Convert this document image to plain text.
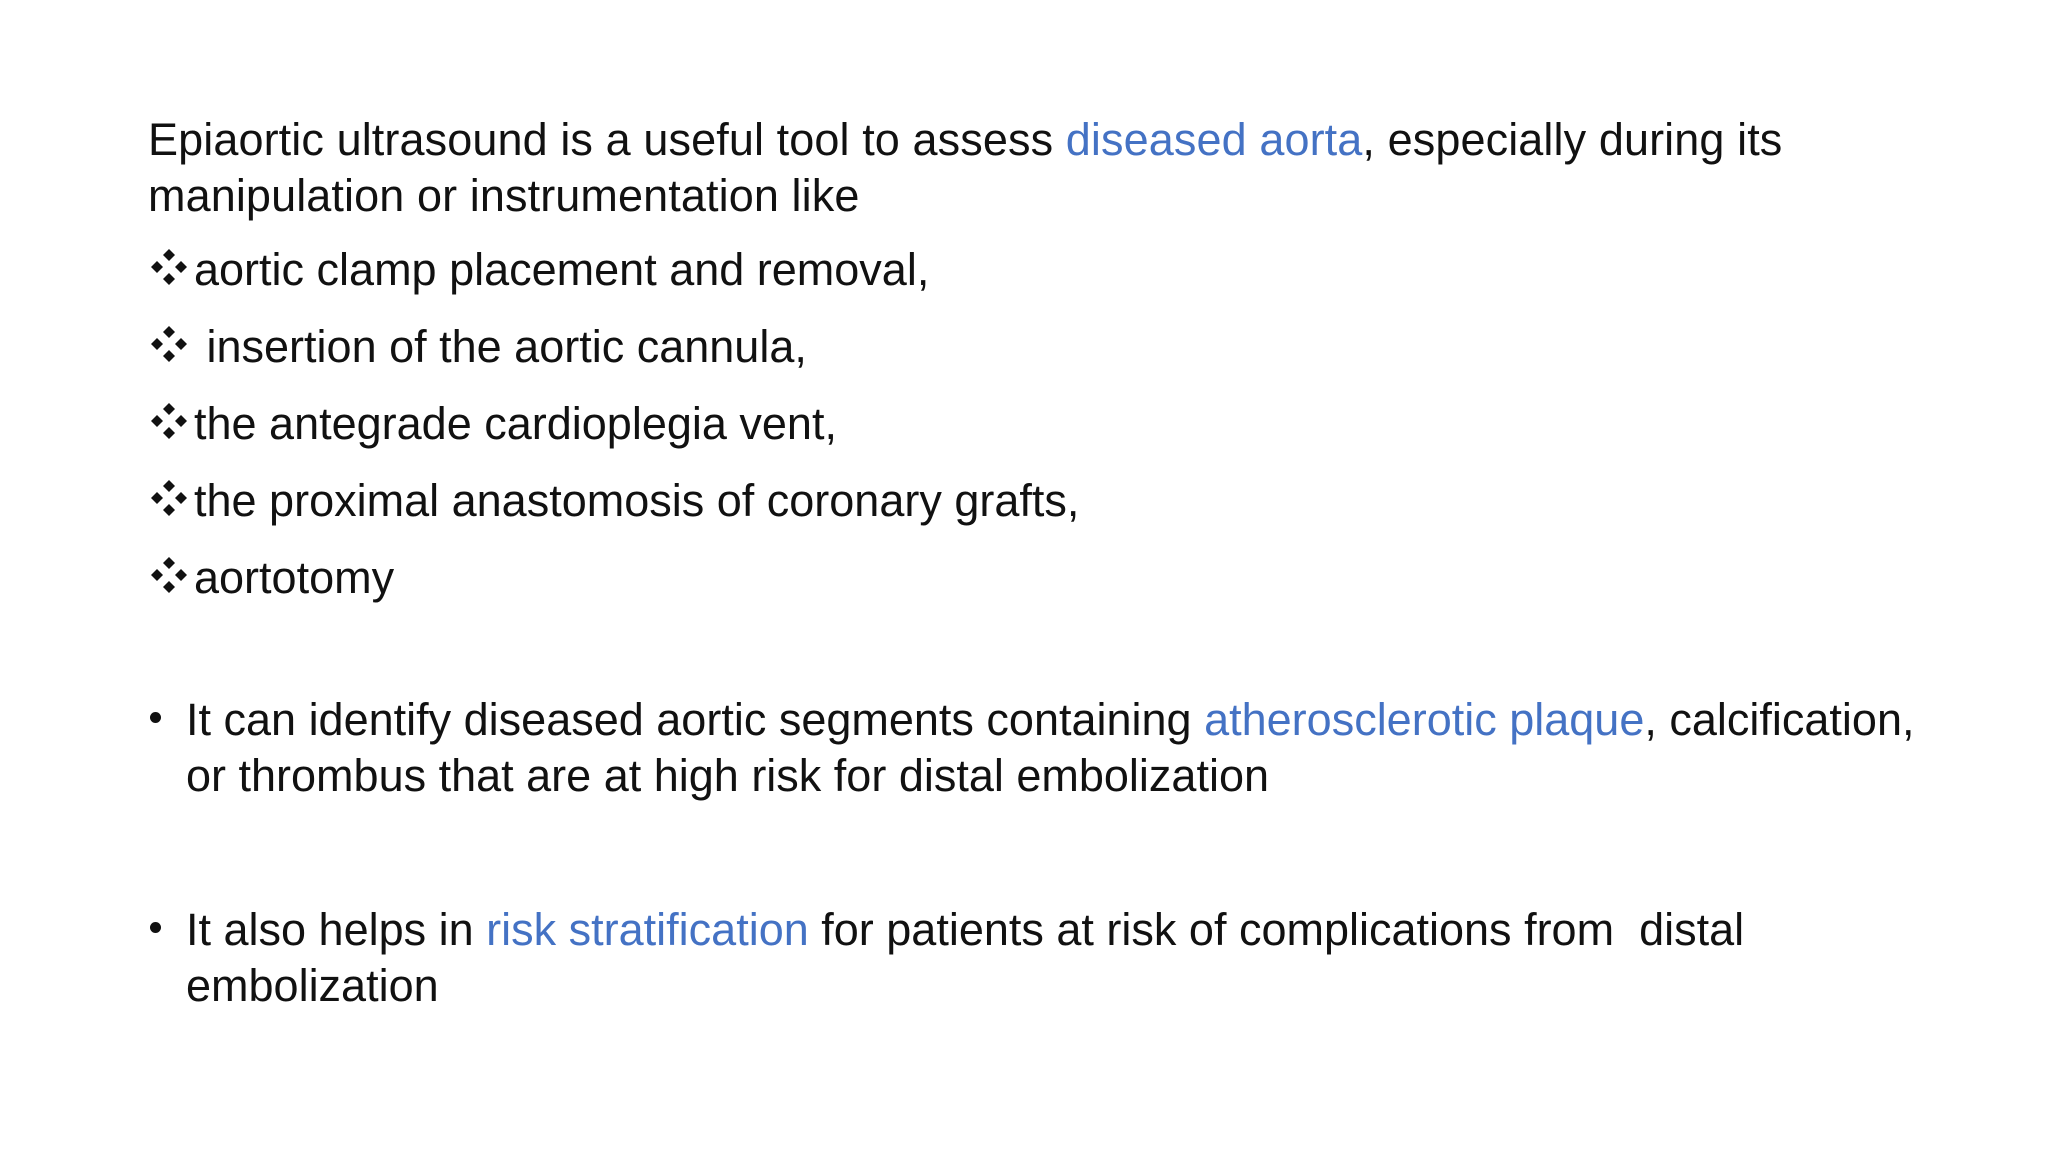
Epiaortic ultrasound is a useful tool to assess diseased aorta, especially during its manipulation or instrumentation like

aortic clamp placement and removal,
insertion of the aortic cannula,
the antegrade cardioplegia vent,
the proximal anastomosis of coronary grafts,
aortotomy
It can identify diseased aortic segments containing atherosclerotic plaque, calcification, or thrombus that are at high risk for distal embolization
It also helps in risk stratification for patients at risk of complications from  distal embolization
